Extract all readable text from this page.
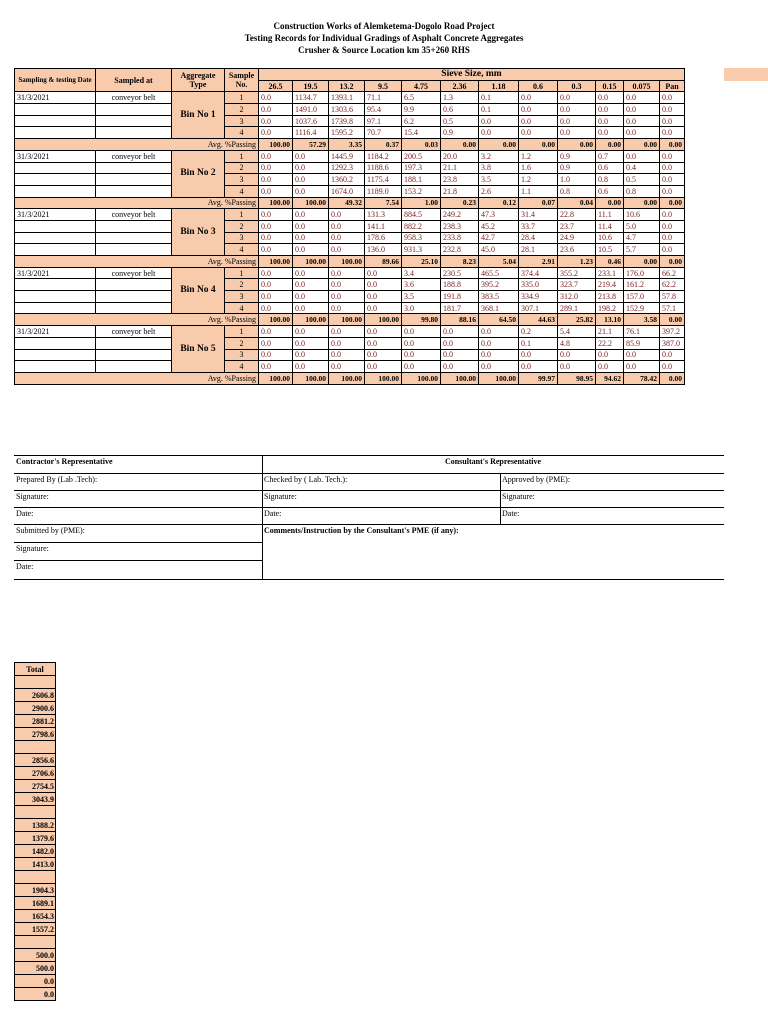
Construction Works of Alemketema-Dogolo Road Project
Testing Records for Individual Gradings of Asphalt Concrete Aggregates
Crusher & Source Location km 35+260 RHS
Sampling & testing Date	Sampled at	Aggregate Type	Sample No.	Sieve Size, mm											
				26.5	19.5	13.2	9.5	4.75	2.36	1.18	0.6	0.3	0.15	0.075	Pan
31/3/2021	conveyor belt	Bin No 1	1	0.0	1134.7	1393.1	71.1	6.5	1.3	0.1	0.0	0.0	0.0	0.0	0.0
			2	0.0	1491.0	1303.6	95.4	9.9	0.6	0.1	0.0	0.0	0.0	0.0	0.0
			3	0.0	1037.6	1739.8	97.1	6.2	0.5	0.0	0.0	0.0	0.0	0.0	0.0
			4	0.0	1116.4	1595.2	70.7	15.4	0.9	0.0	0.0	0.0	0.0	0.0	0.0
Avg. %Passing				100.00	57.29	3.35	0.37	0.03	0.00	0.00	0.00	0.00	0.00	0.00	0.00
31/3/2021	conveyor belt	Bin No 2	1	0.0	0.0	1445.9	1184.2	200.5	20.0	3.2	1.2	0.9	0.7	0.0	0.0
			2	0.0	0.0	1292.3	1188.6	197.3	21.1	3.8	1.6	0.9	0.6	0.4	0.0
			3	0.0	0.0	1360.2	1175.4	188.1	23.8	3.5	1.2	1.0	0.8	0.5	0.0
			4	0.0	0.0	1674.0	1189.0	153.2	21.8	2.6	1.1	0.8	0.6	0.8	0.0
Avg. %Passing				100.00	100.00	49.32	7.54	1.00	0.23	0.12	0.07	0.04	0.00	0.00	0.00
31/3/2021	conveyor belt	Bin No 3	1	0.0	0.0	0.0	131.3	884.5	249.2	47.3	31.4	22.8	11.1	10.6	0.0
			2	0.0	0.0	0.0	141.1	882.2	238.3	45.2	33.7	23.7	11.4	5.0	0.0
			3	0.0	0.0	0.0	178.6	958.3	233.8	42.7	28.4	24.9	10.6	4.7	0.0
			4	0.0	0.0	0.0	136.0	931.3	232.8	45.0	28.1	23.6	10.5	5.7	0.0
Avg. %Passing				100.00	100.00	100.00	89.66	25.10	8.23	5.04	2.91	1.23	0.46	0.00	0.00
31/3/2021	conveyor belt	Bin No 4	1	0.0	0.0	0.0	0.0	3.4	230.5	465.5	374.4	355.2	233.1	176.0	66.2
			2	0.0	0.0	0.0	0.0	3.6	188.8	395.2	335.0	323.7	219.4	161.2	62.2
			3	0.0	0.0	0.0	0.0	3.5	191.8	383.5	334.9	312.0	213.8	157.0	57.8
			4	0.0	0.0	0.0	0.0	3.0	181.7	368.1	307.1	289.1	198.2	152.9	57.1
Avg. %Passing				100.00	100.00	100.00	100.00	99.80	88.16	64.50	44.63	25.82	13.10	3.58	0.00
31/3/2021	conveyor belt	Bin No 5	1	0.0	0.0	0.0	0.0	0.0	0.0	0.0	0.2	5.4	21.1	76.1	397.2
			2	0.0	0.0	0.0	0.0	0.0	0.0	0.0	0.1	4.8	22.2	85.9	387.0
			3	0.0	0.0	0.0	0.0	0.0	0.0	0.0	0.0	0.0	0.0	0.0	0.0
			4	0.0	0.0	0.0	0.0	0.0	0.0	0.0	0.0	0.0	0.0	0.0	0.0
Avg. %Passing				100.00	100.00	100.00	100.00	100.00	100.00	100.00	99.97	98.95	94.62	78.42	0.00
Contractor's Representative	Consultant's Representative
Prepared By (Lab .Tech):	Checked by ( Lab. Tech.):	Approved by (PME):
Signature:	Signature:	Signature:
Date:	Date:	Date:
Submitted by (PME):	Comments/Instruction by the Consultant's PME (if any):
Signature:
Date:
Total

2606.8
2900.6
2881.2
2798.6

2856.6
2706.6
2754.5
3043.9

1388.2
1379.6
1482.0
1413.0

1904.3
1689.1
1654.3
1557.2

500.0
500.0
0.0
0.0
